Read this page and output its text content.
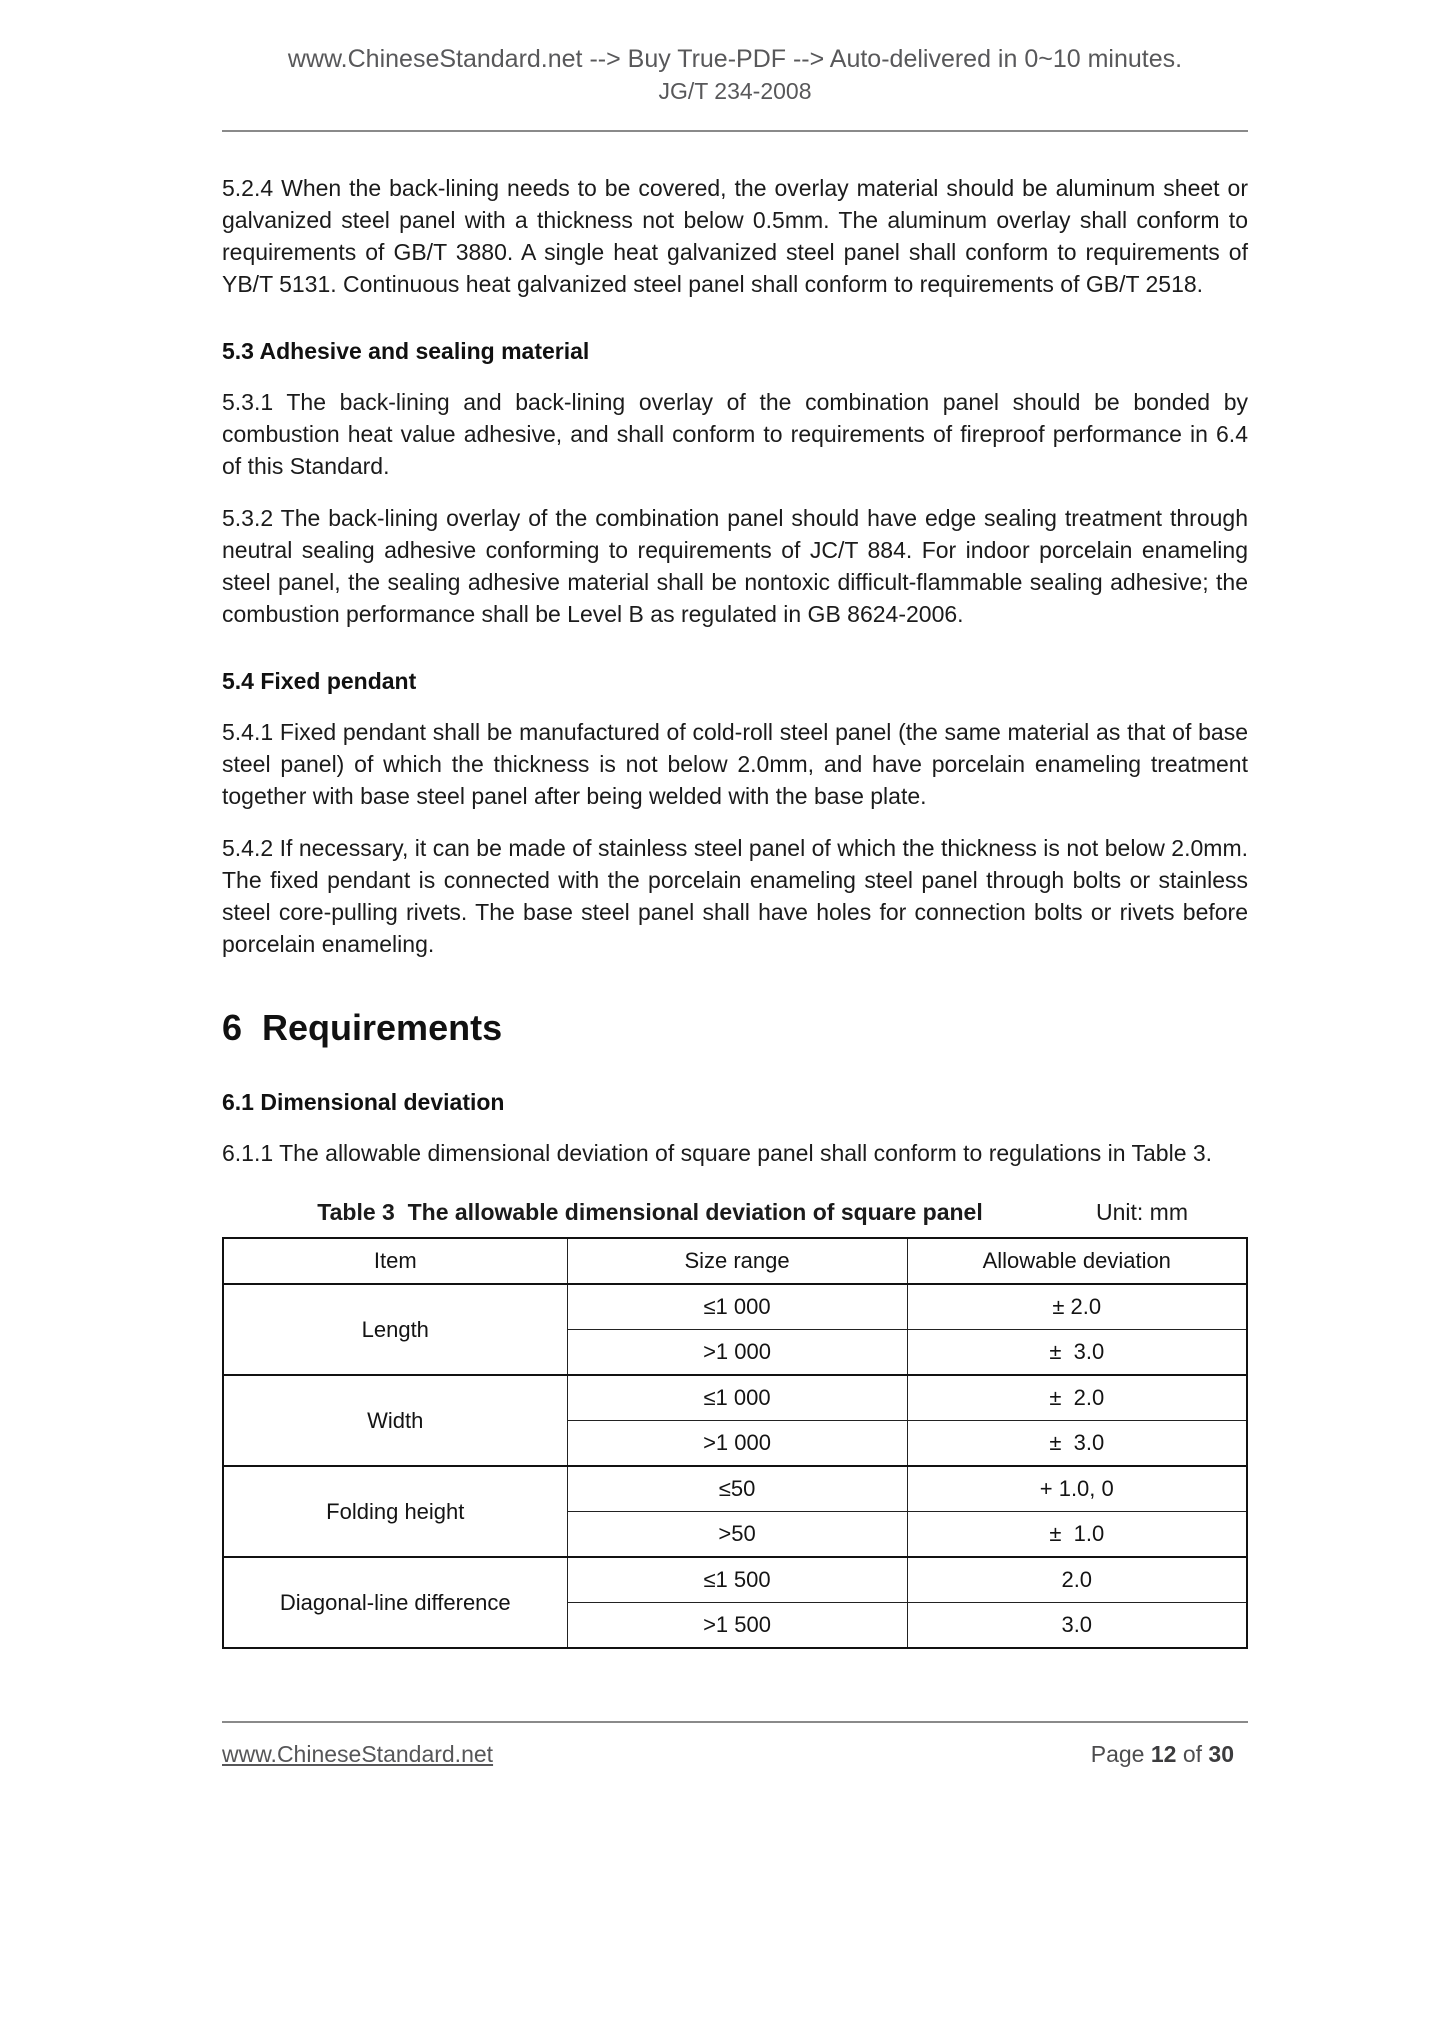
www.ChineseStandard.net --> Buy True-PDF --> Auto-delivered in 0~10 minutes.
JG/T 234-2008

5.2.4 When the back-lining needs to be covered, the overlay material should be aluminum sheet or galvanized steel panel with a thickness not below 0.5mm. The aluminum overlay shall conform to requirements of GB/T 3880. A single heat galvanized steel panel shall conform to requirements of YB/T 5131. Continuous heat galvanized steel panel shall conform to requirements of GB/T 2518.

5.3 Adhesive and sealing material

5.3.1 The back-lining and back-lining overlay of the combination panel should be bonded by combustion heat value adhesive, and shall conform to requirements of fireproof performance in 6.4 of this Standard.

5.3.2 The back-lining overlay of the combination panel should have edge sealing treatment through neutral sealing adhesive conforming to requirements of JC/T 884. For indoor porcelain enameling steel panel, the sealing adhesive material shall be nontoxic difficult-flammable sealing adhesive; the combustion performance shall be Level B as regulated in GB 8624-2006.

5.4 Fixed pendant

5.4.1 Fixed pendant shall be manufactured of cold-roll steel panel (the same material as that of base steel panel) of which the thickness is not below 2.0mm, and have porcelain enameling treatment together with base steel panel after being welded with the base plate.

5.4.2 If necessary, it can be made of stainless steel panel of which the thickness is not below 2.0mm. The fixed pendant is connected with the porcelain enameling steel panel through bolts or stainless steel core-pulling rivets. The base steel panel shall have holes for connection bolts or rivets before porcelain enameling.

6  Requirements
6.1 Dimensional deviation

6.1.1 The allowable dimensional deviation of square panel shall conform to regulations in Table 3.

Table 3  The allowable dimensional deviation of square panel	Unit: mm
Item	Size range	Allowable deviation
Length	≤1 000	± 2.0
	>1 000	±  3.0
Width	≤1 000	±  2.0
	>1 000	±  3.0
Folding height	≤50	+ 1.0, 0
	>50	±  1.0
Diagonal-line difference	≤1 500	2.0
	>1 500	3.0
www.ChineseStandard.net	Page 12 of 30
